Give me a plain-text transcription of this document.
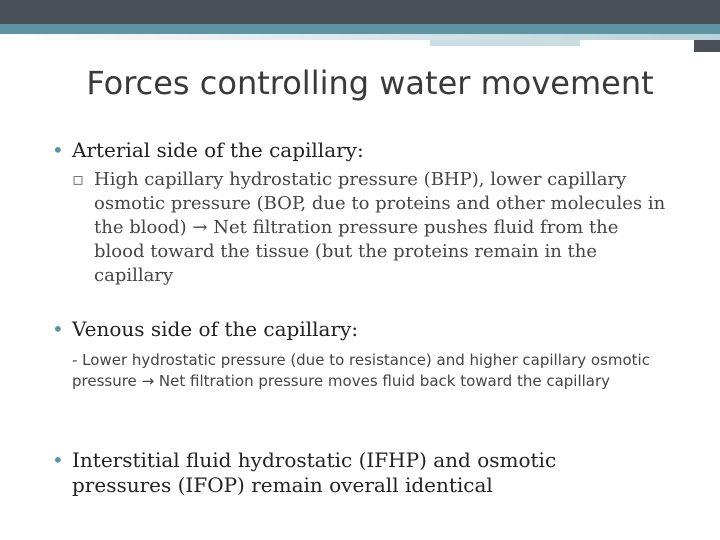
Forces controlling water movement
• Arterial side of the capillary:
▫ High capillary hydrostatic pressure (BHP), lower capillary osmotic pressure (BOP, due to proteins and other molecules in the blood) → Net filtration pressure pushes fluid from the blood toward the tissue (but the proteins remain in the capillary
• Venous side of the capillary:
- Lower hydrostatic pressure (due to resistance) and higher capillary osmotic pressure → Net filtration pressure moves fluid back toward the capillary
• Interstitial fluid hydrostatic (IFHP) and osmotic pressures (IFOP) remain overall identical
